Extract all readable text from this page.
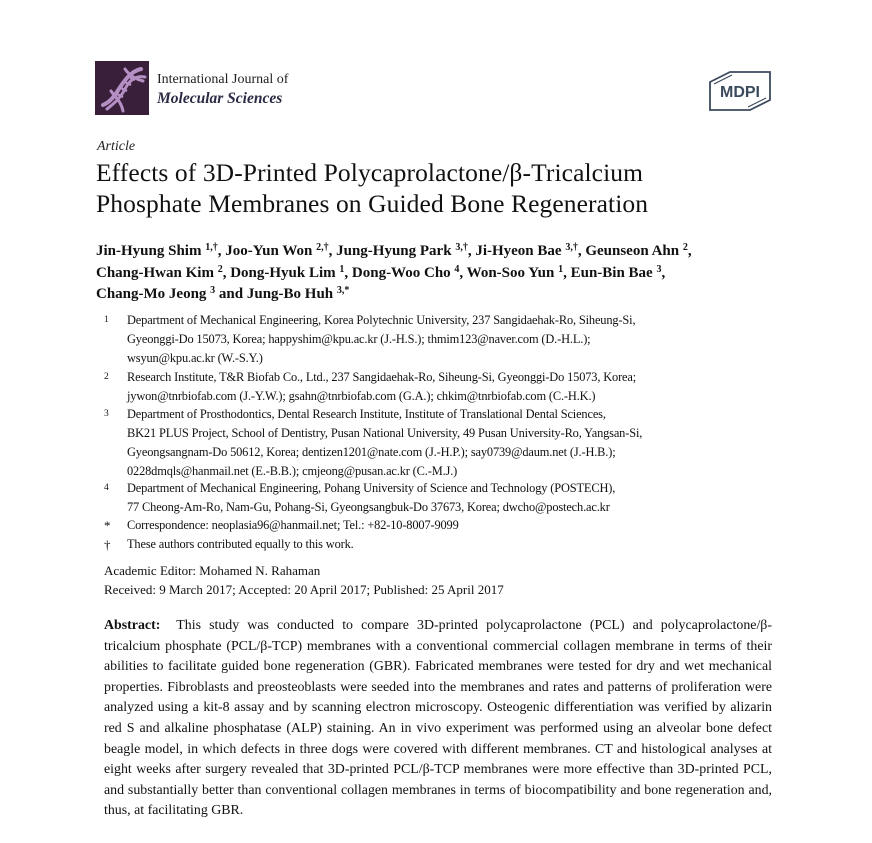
International Journal of
Molecular Sciences	MDPI
Article
Effects of 3D-Printed Polycaprolactone/β-Tricalcium
Phosphate Membranes on Guided Bone Regeneration
Jin-Hyung Shim $^{1,\dagger}$, Joo-Yun Won $^{2,\dagger}$, Jung-Hyung Park $^{3,\dagger}$, Ji-Hyeon Bae $^{3,\dagger}$, Geunseon Ahn $^2$,
Chang-Hwan Kim $^2$, Dong-Hyuk Lim $^1$, Dong-Woo Cho $^4$, Won-Soo Yun $^1$, Eun-Bin Bae $^3$,
Chang-Mo Jeong $^3$ and Jung-Bo Huh $^{3,*}$
1	Department of Mechanical Engineering, Korea Polytechnic University, 237 Sangidaehak-Ro, Siheung-Si,
Gyeonggi-Do 15073, Korea; happyshim@kpu.ac.kr (J.-H.S.); thmim123@naver.com (D.-H.L.);
wsyun@kpu.ac.kr (W.-S.Y.)
2	Research Institute, T&R Biofab Co., Ltd., 237 Sangidaehak-Ro, Siheung-Si, Gyeonggi-Do 15073, Korea;
jywon@tnrbiofab.com (J.-Y.W.); gsahn@tnrbiofab.com (G.A.); chkim@tnrbiofab.com (C.-H.K.)
3	Department of Prosthodontics, Dental Research Institute, Institute of Translational Dental Sciences,
BK21 PLUS Project, School of Dentistry, Pusan National University, 49 Pusan University-Ro, Yangsan-Si,
Gyeongsangnam-Do 50612, Korea; dentizen1201@nate.com (J.-H.P.); say0739@daum.net (J.-H.B.);
0228dmqls@hanmail.net (E.-B.B.); cmjeong@pusan.ac.kr (C.-M.J.)
4	Department of Mechanical Engineering, Pohang University of Science and Technology (POSTECH),
77 Cheong-Am-Ro, Nam-Gu, Pohang-Si, Gyeongsangbuk-Do 37673, Korea; dwcho@postech.ac.kr
*	Correspondence: neoplasia96@hanmail.net; Tel.: +82-10-8007-9099
†	These authors contributed equally to this work.
Academic Editor: Mohamed N. Rahaman
Received: 9 March 2017; Accepted: 20 April 2017; Published: 25 April 2017
Abstract: This study was conducted to compare 3D-printed polycaprolactone (PCL) and polycaprolactone/β-tricalcium phosphate (PCL/β-TCP) membranes with a conventional commercial collagen membrane in terms of their abilities to facilitate guided bone regeneration (GBR). Fabricated membranes were tested for dry and wet mechanical properties. Fibroblasts and preosteoblasts were seeded into the membranes and rates and patterns of proliferation were analyzed using a kit-8 assay and by scanning electron microscopy. Osteogenic differentiation was verified by alizarin red S and alkaline phosphatase (ALP) staining. An in vivo experiment was performed using an alveolar bone defect beagle model, in which defects in three dogs were covered with different membranes. CT and histological analyses at eight weeks after surgery revealed that 3D-printed PCL/β-TCP membranes were more effective than 3D-printed PCL, and substantially better than conventional collagen membranes in terms of biocompatibility and bone regeneration and, thus, at facilitating GBR.
